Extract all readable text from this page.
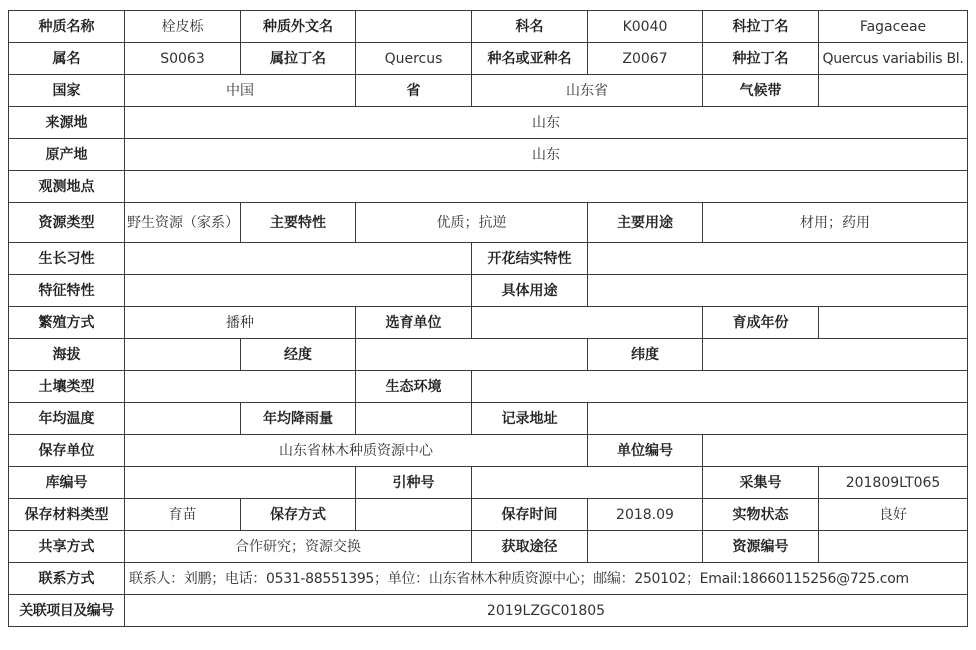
种质名称	栓皮栎	种质外文名		科名	K0040	科拉丁名	Fagaceae
属名	S0063	属拉丁名	Quercus	种名或亚种名	Z0067	种拉丁名	Quercus variabilis Bl.
国家	中国		省	山东省		气候带	
来源地	山东						
原产地	山东						
观测地点							
资源类型	野生资源（家系）	主要特性	优质；抗逆		主要用途	材用；药用	
生长习性				开花结实特性			
特征特性				具体用途			
繁殖方式	播种		选育单位			育成年份	
海拔		经度			纬度		
土壤类型			生态环境				
年均温度		年均降雨量		记录地址			
保存单位	山东省林木种质资源中心				单位编号		
库编号			引种号			采集号	201809LT065
保存材料类型	育苗	保存方式		保存时间	2018.09	实物状态	良好
共享方式	合作研究；资源交换			获取途径		资源编号	
联系方式	联系人：刘鹏；电话：0531-88551395；单位：山东省林木种质资源中心；邮编：250102；Email:18660115256@725.com						
关联项目及编号	2019LZGC01805						
